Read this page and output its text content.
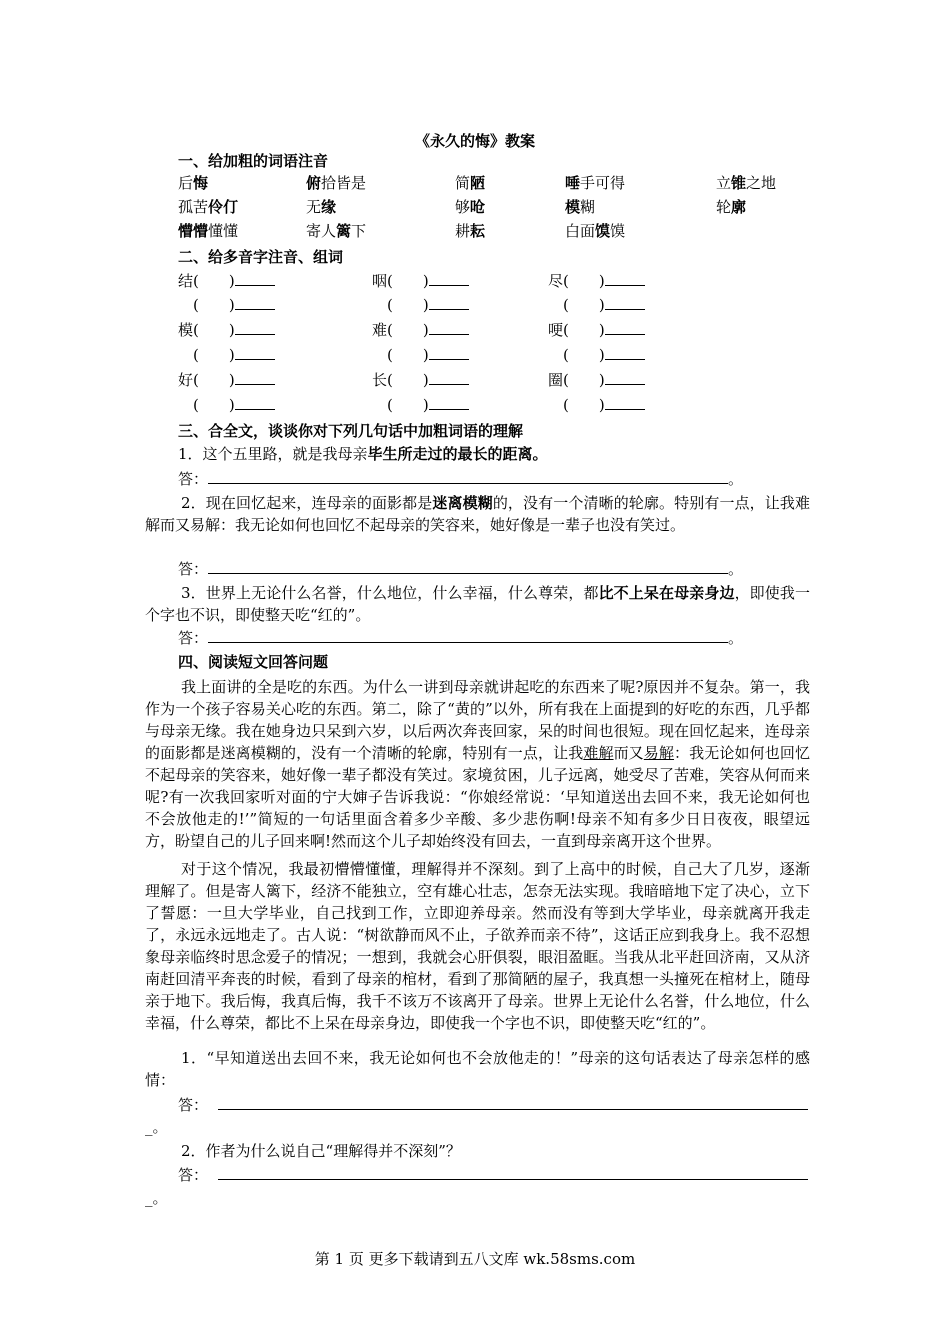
《永久的悔》教案
一、给加粗的词语注音
后悔	俯拾皆是	简陋	唾手可得	立锥之地
孤苦伶仃	无缘	够呛	模糊	轮廓
懵懵懂懂	寄人篱下	耕耘	白面馍馍
二、给多音字注音、组词
结(　　)	咽(　　)	尽(　　)
(　　)	(　　)	(　　)
模(　　)	难(　　)	哽(　　)
(　　)	(　　)	(　　)
好(　　)	长(　　)	圈(　　)
(　　)	(　　)	(　　)
三、合全文，谈谈你对下列几句话中加粗词语的理解
1．这个五里路，就是我母亲毕生所走过的最长的距离。
答：	。
2．现在回忆起来，连母亲的面影都是迷离模糊的，没有一个清晰的轮廓。特别有一点，让我难解而又易解：我无论如何也回忆不起母亲的笑容来，她好像是一辈子也没有笑过。
答：	。
3．世界上无论什么名誉，什么地位，什么幸福，什么尊荣，都比不上呆在母亲身边，即使我一个字也不识，即使整天吃“红的”。
答：	。
四、阅读短文回答问题
我上面讲的全是吃的东西。为什么一讲到母亲就讲起吃的东西来了呢?原因并不复杂。第一，我作为一个孩子容易关心吃的东西。第二，除了“黄的”以外，所有我在上面提到的好吃的东西，几乎都与母亲无缘。我在她身边只呆到六岁，以后两次奔丧回家，呆的时间也很短。现在回忆起来，连母亲的面影都是迷离模糊的，没有一个清晰的轮廓，特别有一点，让我难解而又易解：我无论如何也回忆不起母亲的笑容来，她好像一辈子都没有笑过。家境贫困，儿子远离，她受尽了苦难，笑容从何而来呢?有一次我回家听对面的宁大婶子告诉我说：“你娘经常说：‘早知道送出去回不来，我无论如何也不会放他走的!’”简短的一句话里面含着多少辛酸、多少悲伤啊!母亲不知有多少日日夜夜，眼望远方，盼望自己的儿子回来啊!然而这个儿子却始终没有回去，一直到母亲离开这个世界。
对于这个情况，我最初懵懵懂懂，理解得并不深刻。到了上高中的时候，自己大了几岁，逐渐理解了。但是寄人篱下，经济不能独立，空有雄心壮志，怎奈无法实现。我暗暗地下定了决心，立下了誓愿：一旦大学毕业，自己找到工作，立即迎养母亲。然而没有等到大学毕业，母亲就离开我走了，永远永远地走了。古人说：“树欲静而风不止，子欲养而亲不待”，这话正应到我身上。我不忍想象母亲临终时思念爱子的情况；一想到，我就会心肝俱裂，眼泪盈眶。当我从北平赶回济南，又从济南赶回清平奔丧的时候，看到了母亲的棺材，看到了那简陋的屋子，我真想一头撞死在棺材上，随母亲于地下。我后悔，我真后悔，我千不该万不该离开了母亲。世界上无论什么名誉，什么地位，什么幸福，什么尊荣，都比不上呆在母亲身边，即使我一个字也不识，即使整天吃“红的”。
1．“早知道送出去回不来，我无论如何也不会放他走的！”母亲的这句话表达了母亲怎样的感情：
答：
_。
2．作者为什么说自己“理解得并不深刻”？
答：
_。
第 1 页 更多下载请到五八文库 wk.58sms.com
